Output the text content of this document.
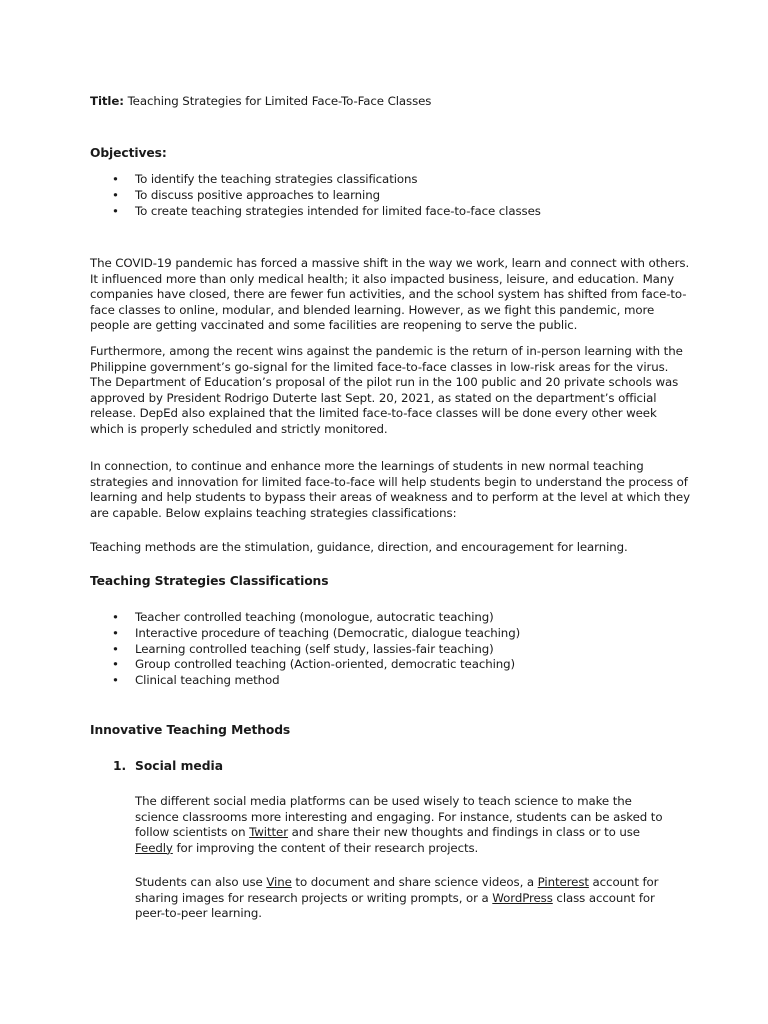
Title: Teaching Strategies for Limited Face-To-Face Classes
Objectives:
• To identify the teaching strategies classifications
• To discuss positive approaches to learning
• To create teaching strategies intended for limited face-to-face classes
The COVID-19 pandemic has forced a massive shift in the way we work, learn and connect with others. It influenced more than only medical health; it also impacted business, leisure, and education. Many companies have closed, there are fewer fun activities, and the school system has shifted from face-to-face classes to online, modular, and blended learning. However, as we fight this pandemic, more people are getting vaccinated and some facilities are reopening to serve the public.
Furthermore, among the recent wins against the pandemic is the return of in-person learning with the Philippine government’s go-signal for the limited face-to-face classes in low-risk areas for the virus. The Department of Education’s proposal of the pilot run in the 100 public and 20 private schools was approved by President Rodrigo Duterte last Sept. 20, 2021, as stated on the department’s official release. DepEd also explained that the limited face-to-face classes will be done every other week which is properly scheduled and strictly monitored.
In connection, to continue and enhance more the learnings of students in new normal teaching strategies and innovation for limited face-to-face will help students begin to understand the process of learning and help students to bypass their areas of weakness and to perform at the level at which they are capable. Below explains teaching strategies classifications:
Teaching methods are the stimulation, guidance, direction, and encouragement for learning.
Teaching Strategies Classifications
• Teacher controlled teaching (monologue, autocratic teaching)
• Interactive procedure of teaching (Democratic, dialogue teaching)
• Learning controlled teaching (self study, lassies-fair teaching)
• Group controlled teaching (Action-oriented, democratic teaching)
• Clinical teaching method
Innovative Teaching Methods
1. Social media
The different social media platforms can be used wisely to teach science to make the science classrooms more interesting and engaging. For instance, students can be asked to follow scientists on Twitter and share their new thoughts and findings in class or to use Feedly for improving the content of their research projects.
Students can also use Vine to document and share science videos, a Pinterest account for sharing images for research projects or writing prompts, or a WordPress class account for peer-to-peer learning.
